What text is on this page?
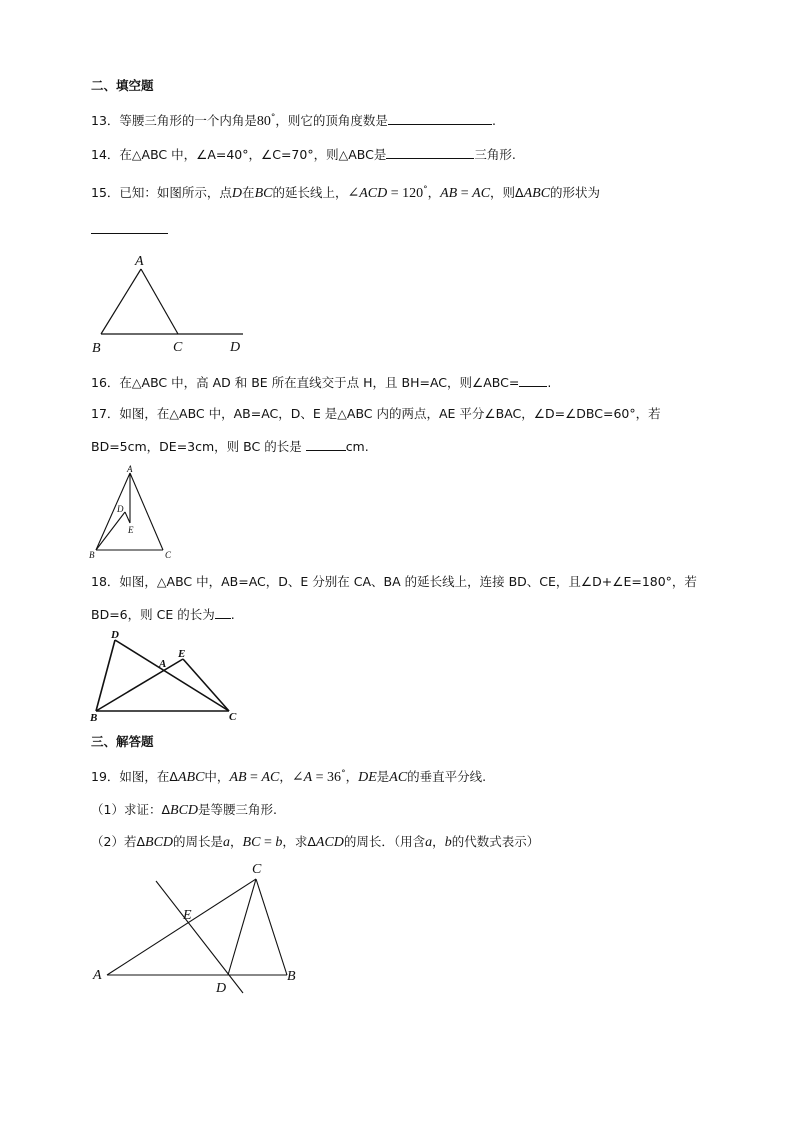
二、填空题
13．等腰三角形的一个内角是80°，则它的顶角度数是	.
14．在△ABC 中，∠A=40°，∠C=70°，则△ABC是	三角形.
15．已知：如图所示，点D在BC的延长线上，∠ACD = 120°，AB = AC，则ΔABC的形状为
A
B	C	D
16．在△ABC 中，高 AD 和 BE 所在直线交于点 H，且 BH=AC，则∠ABC= .
17．如图，在△ABC 中，AB=AC，D、E 是△ABC 内的两点，AE 平分∠BAC，∠D=∠DBC=60°，若
BD=5cm，DE=3cm，则 BC 的长是	cm.
A
D
E
B	C
18．如图，△ABC 中，AB=AC，D、E 分别在 CA、BA 的延长线上，连接 BD、CE，且∠D+∠E=180°，若
BD=6，则 CE 的长为 .
D
E
A
B	C
三、解答题
19．如图，在ΔABC中，AB = AC，∠A = 36°，DE是AC的垂直平分线.
（1）求证：ΔBCD是等腰三角形.
（2）若ΔBCD的周长是a，BC = b，求ΔACD的周长．（用含a，b的代数式表示）
C
E
A
D
B
